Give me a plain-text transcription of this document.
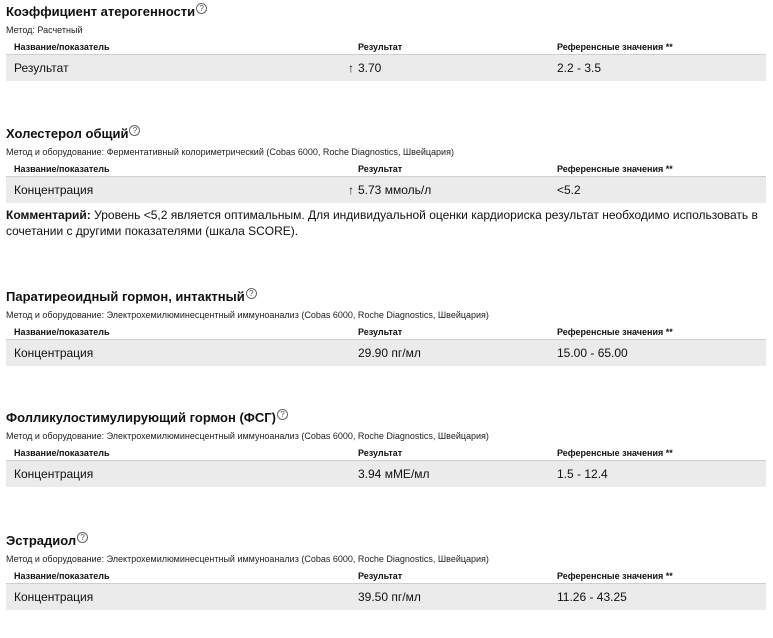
Коэффициент атерогенности ?
Метод: Расчетный
Название/показатель	Результат	Референсные значения **
Результат	↑ 3.70	2.2 - 3.5
Холестерол общий ?
Метод и оборудование: Ферментативный колориметрический (Cobas 6000, Roche Diagnostics, Швейцария)
Название/показатель	Результат	Референсные значения **
Концентрация	↑ 5.73 ммоль/л	<5.2
Комментарий: Уровень <5,2 является оптимальным. Для индивидуальной оценки кардиориска результат необходимо использовать в сочетании с другими показателями (шкала SCORE).
Паратиреоидный гормон, интактный ?
Метод и оборудование: Электрохемилюминесцентный иммуноанализ (Cobas 6000, Roche Diagnostics, Швейцария)
Название/показатель	Результат	Референсные значения **
Концентрация	29.90 пг/мл	15.00 - 65.00
Фолликулостимулирующий гормон (ФСГ) ?
Метод и оборудование: Электрохемилюминесцентный иммуноанализ (Cobas 6000, Roche Diagnostics, Швейцария)
Название/показатель	Результат	Референсные значения **
Концентрация	3.94 мМЕ/мл	1.5 - 12.4
Эстрадиол ?
Метод и оборудование: Электрохемилюминесцентный иммуноанализ (Cobas 6000, Roche Diagnostics, Швейцария)
Название/показатель	Результат	Референсные значения **
Концентрация	39.50 пг/мл	11.26 - 43.25
